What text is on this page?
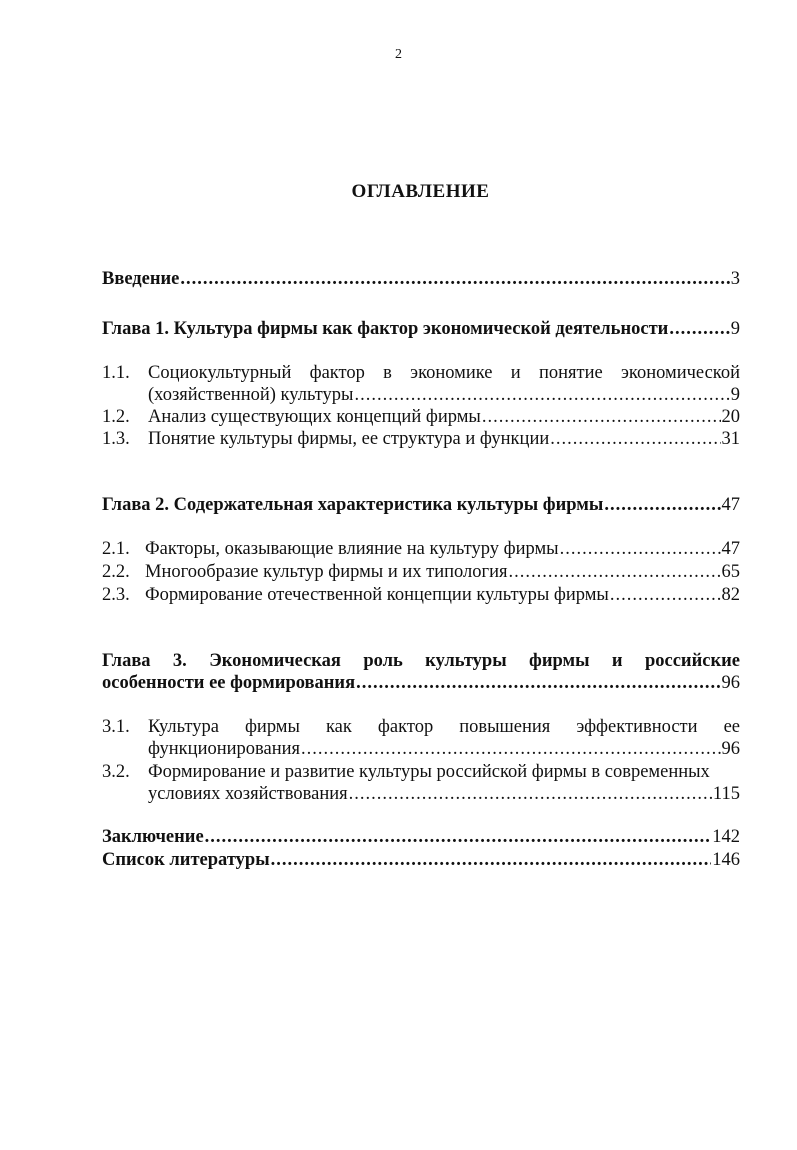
2
ОГЛАВЛЕНИЕ
Введение .....	3
Глава 1. Культура фирмы как фактор экономической деятельности .....	9
1.1. Социокультурный фактор в экономике и понятие экономической
(хозяйственной) культуры .....	9
1.2. Анализ существующих концепций фирмы .....	20
1.3. Понятие культуры фирмы, ее структура и функции .....	31
Глава 2. Содержательная характеристика культуры фирмы .....	47
2.1. Факторы, оказывающие влияние на культуру фирмы .....	47
2.2. Многообразие культур фирмы и их типология .....	65
2.3. Формирование отечественной концепции культуры фирмы .....	82
Глава 3. Экономическая роль культуры фирмы и российские
особенности ее формирования .....	96
3.1. Культура фирмы как фактор повышения эффективности ее
функционирования .....	96
3.2. Формирование и развитие культуры российской фирмы в современных
условиях хозяйствования .....	115
Заключение .....	142
Список литературы .....	146
